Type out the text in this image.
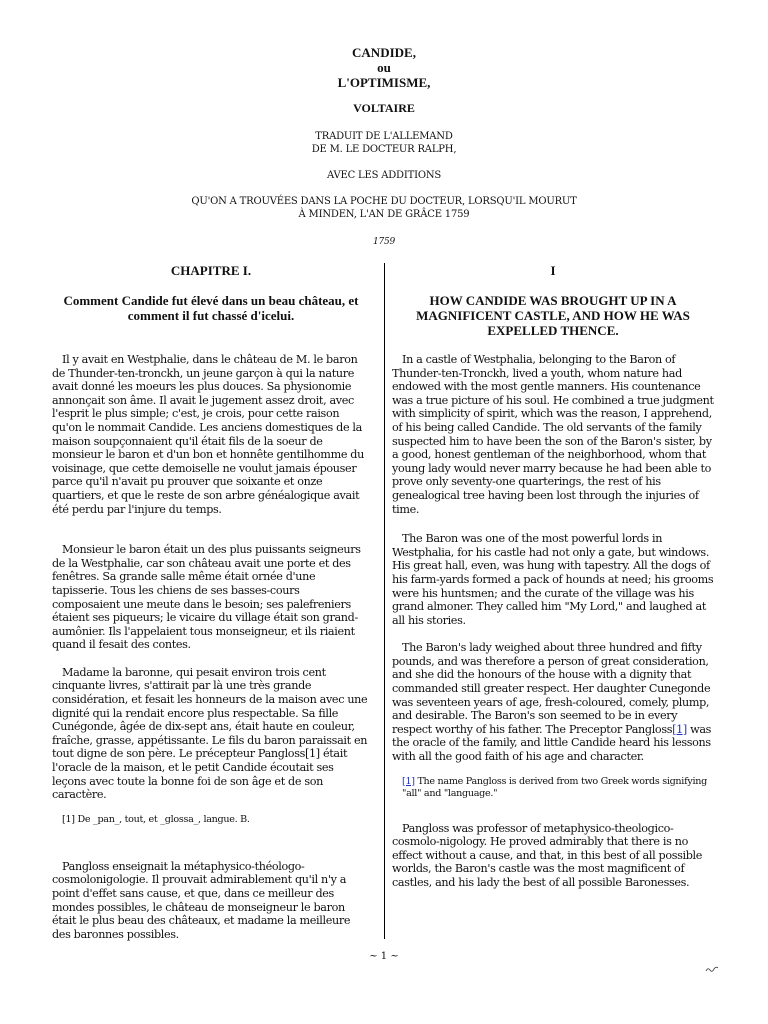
CANDIDE,
ou
L'OPTIMISME,
VOLTAIRE
TRADUIT DE L'ALLEMAND
DE M. LE DOCTEUR RALPH,
AVEC LES ADDITIONS
QU'ON A TROUVÉES DANS LA POCHE DU DOCTEUR, LORSQU'IL MOURUT
À MINDEN, L'AN DE GRÂCE 1759
1759
CHAPITRE I.
Comment Candide fut élevé dans un beau château, et comment il fut chassé d'icelui.

Il y avait en Westphalie, dans le château de M. le baron de Thunder-ten-tronckh, un jeune garçon à qui la nature avait donné les moeurs les plus douces. Sa physionomie annonçait son âme. Il avait le jugement assez droit, avec l'esprit le plus simple; c'est, je crois, pour cette raison qu'on le nommait Candide. Les anciens domestiques de la maison soupçonnaient qu'il était fils de la soeur de monsieur le baron et d'un bon et honnête gentilhomme du voisinage, que cette demoiselle ne voulut jamais épouser parce qu'il n'avait pu prouver que soixante et onze quartiers, et que le reste de son arbre généalogique avait été perdu par l'injure du temps.

Monsieur le baron était un des plus puissants seigneurs de la Westphalie, car son château avait une porte et des fenêtres. Sa grande salle même était ornée d'une tapisserie. Tous les chiens de ses basses-cours composaient une meute dans le besoin; ses palefreniers étaient ses piqueurs; le vicaire du village était son grand-aumônier. Ils l'appelaient tous monseigneur, et ils riaient quand il fesait des contes.

Madame la baronne, qui pesait environ trois cent cinquante livres, s'attirait par là une très grande considération, et fesait les honneurs de la maison avec une dignité qui la rendait encore plus respectable. Sa fille Cunégonde, âgée de dix-sept ans, était haute en couleur, fraîche, grasse, appétissante. Le fils du baron paraissait en tout digne de son père. Le précepteur Pangloss[1] était l'oracle de la maison, et le petit Candide écoutait ses leçons avec toute la bonne foi de son âge et de son caractère.

[1] De _pan_, tout, et _glossa_, langue. B.

Pangloss enseignait la métaphysico-théologo-cosmolonigologie. Il prouvait admirablement qu'il n'y a point d'effet sans cause, et que, dans ce meilleur des mondes possibles, le château de monseigneur le baron était le plus beau des châteaux, et madame la meilleure des baronnes possibles.

I
HOW CANDIDE WAS BROUGHT UP IN A MAGNIFICENT CASTLE, AND HOW HE WAS EXPELLED THENCE.

In a castle of Westphalia, belonging to the Baron of Thunder-ten-Tronckh, lived a youth, whom nature had endowed with the most gentle manners. His countenance was a true picture of his soul. He combined a true judgment with simplicity of spirit, which was the reason, I apprehend, of his being called Candide. The old servants of the family suspected him to have been the son of the Baron's sister, by a good, honest gentleman of the neighborhood, whom that young lady would never marry because he had been able to prove only seventy-one quarterings, the rest of his genealogical tree having been lost through the injuries of time.

The Baron was one of the most powerful lords in Westphalia, for his castle had not only a gate, but windows. His great hall, even, was hung with tapestry. All the dogs of his farm-yards formed a pack of hounds at need; his grooms were his huntsmen; and the curate of the village was his grand almoner. They called him "My Lord," and laughed at all his stories.

The Baron's lady weighed about three hundred and fifty pounds, and was therefore a person of great consideration, and she did the honours of the house with a dignity that commanded still greater respect. Her daughter Cunegonde was seventeen years of age, fresh-coloured, comely, plump, and desirable. The Baron's son seemed to be in every respect worthy of his father. The Preceptor Pangloss[1] was the oracle of the family, and little Candide heard his lessons with all the good faith of his age and character.

[1] The name Pangloss is derived from two Greek words signifying "all" and "language."

Pangloss was professor of metaphysico-theologico-cosmolo-nigology. He proved admirably that there is no effect without a cause, and that, in this best of all possible worlds, the Baron's castle was the most magnificent of castles, and his lady the best of all possible Baronesses.

~ 1 ~
